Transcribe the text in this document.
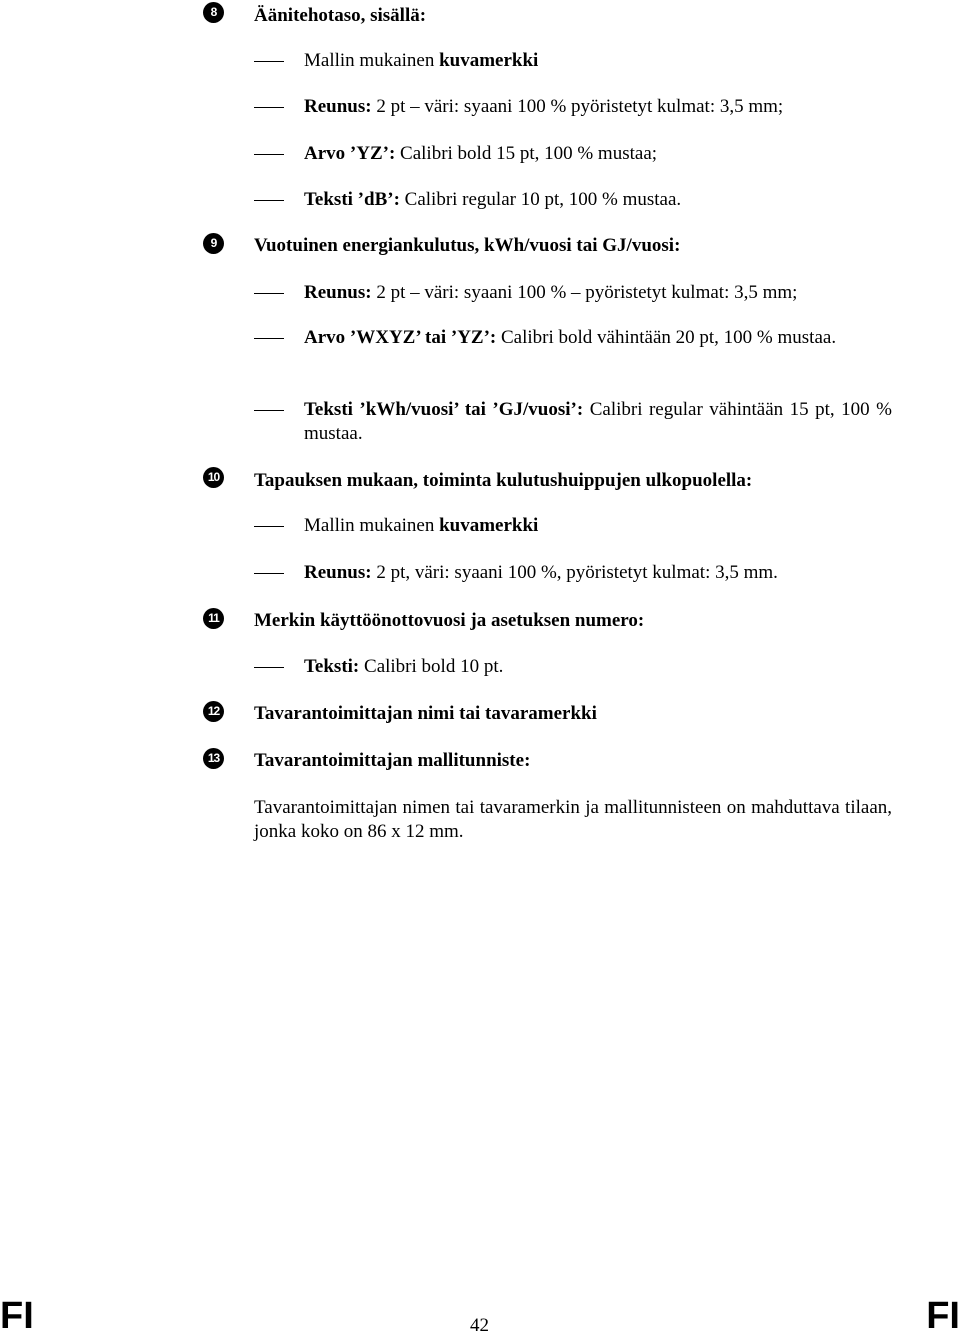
8	Äänitehotaso, sisällä:
Mallin mukainen kuvamerkki
Reunus: 2 pt – väri: syaani 100 % pyöristetyt kulmat: 3,5 mm;
Arvo ’YZ’: Calibri bold 15 pt, 100 % mustaa;
Teksti ’dB’: Calibri regular 10 pt, 100 % mustaa.
9	Vuotuinen energiankulutus, kWh/vuosi tai GJ/vuosi:
Reunus: 2 pt – väri: syaani 100 % – pyöristetyt kulmat: 3,5 mm;
Arvo ’WXYZ’ tai ’YZ’: Calibri bold vähintään 20 pt, 100 % mustaa.
Teksti ’kWh/vuosi’ tai ’GJ/vuosi’: Calibri regular vähintään 15 pt, 100 % mustaa.
10 Tapauksen mukaan, toiminta kulutushuippujen ulkopuolella:
Mallin mukainen kuvamerkki
Reunus: 2 pt, väri: syaani 100 %, pyöristetyt kulmat: 3,5 mm.
11 Merkin käyttöönottovuosi ja asetuksen numero:
Teksti: Calibri bold 10 pt.
12 Tavarantoimittajan nimi tai tavaramerkki
13 Tavarantoimittajan mallitunniste:
Tavarantoimittajan nimen tai tavaramerkin ja mallitunnisteen on mahduttava tilaan, jonka koko on 86 x 12 mm.
FI	42	FI
